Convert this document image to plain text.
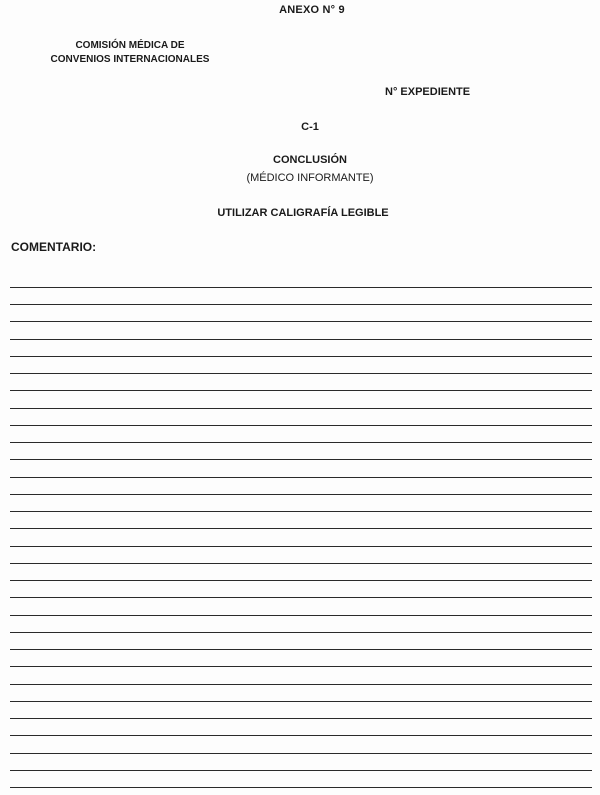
ANEXO N° 9
COMISIÓN MÉDICA DE
CONVENIOS INTERNACIONALES
N° EXPEDIENTE
C-1
CONCLUSIÓN
(MÉDICO INFORMANTE)
UTILIZAR CALIGRAFÍA LEGIBLE
COMENTARIO:
